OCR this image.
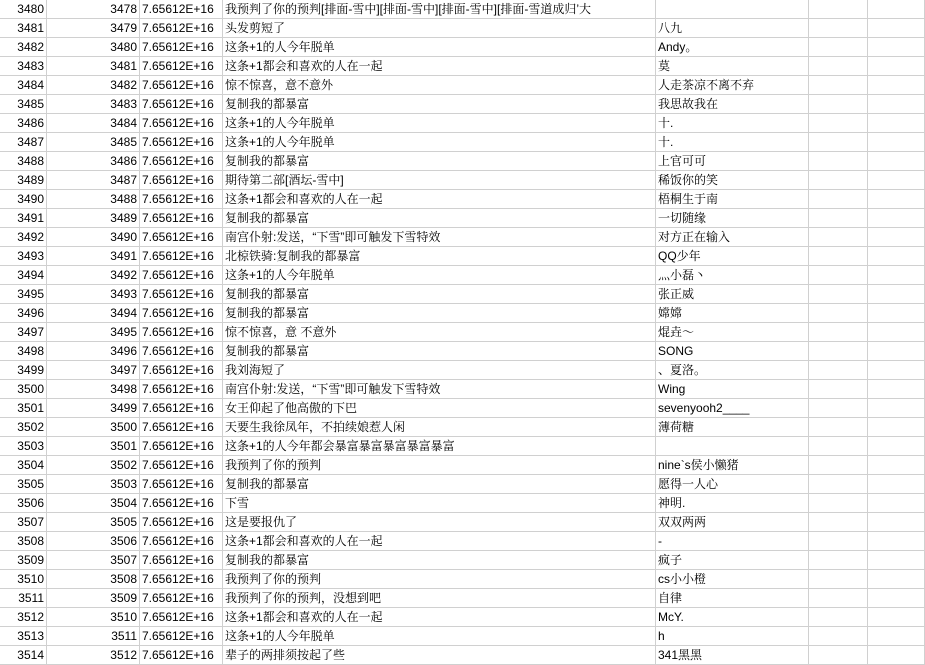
3480	3478	7.65612E+16	我预判了你的预判[排面-雪中][排面-雪中][排面-雪中][排面-雪道成归’大			

3481	3479	7.65612E+16	头发剪短了	八九		

3482	3480	7.65612E+16	这条+1的人今年脱单	Andy。		

3483	3481	7.65612E+16	这条+1都会和喜欢的人在一起	莫		

3484	3482	7.65612E+16	惊不惊喜，意不意外	人走茶凉不离不弃		

3485	3483	7.65612E+16	复制我的都暴富	我思故我在		

3486	3484	7.65612E+16	这条+1的人今年脱单	十.		

3487	3485	7.65612E+16	这条+1的人今年脱单	十.		

3488	3486	7.65612E+16	复制我的都暴富	上官可可		

3489	3487	7.65612E+16	期待第二部[酒坛-雪中]	稀饭你的笑		

3490	3488	7.65612E+16	这条+1都会和喜欢的人在一起	梧桐生于南		

3491	3489	7.65612E+16	复制我的都暴富	一切随缘		

3492	3490	7.65612E+16	南宫仆射:发送，“下雪”即可触发下雪特效	对方正在输入		

3493	3491	7.65612E+16	北椋铁骑:复制我的都暴富	QQ少年		

3494	3492	7.65612E+16	这条+1的人今年脱单	灬小磊丶		

3495	3493	7.65612E+16	复制我的都暴富	张正威		

3496	3494	7.65612E+16	复制我的都暴富	嫦嫦		

3497	3495	7.65612E+16	惊不惊喜，意 不意外	焜垚～		

3498	3496	7.65612E+16	复制我的都暴富	SONG		

3499	3497	7.65612E+16	我刘海短了	、夏洛。		

3500	3498	7.65612E+16	南宫仆射:发送，“下雪”即可触发下雪特效	Wing		

3501	3499	7.65612E+16	女王仰起了他高傲的下巴	sevenyooh2____		

3502	3500	7.65612E+16	天要生我徐凤年，不拍续娘惹人闲	薄荷糖		

3503	3501	7.65612E+16	这条+1的人今年都会暴富暴富暴富暴富暴富			

3504	3502	7.65612E+16	我预判了你的预判	nine`s侯小懒猪		

3505	3503	7.65612E+16	复制我的都暴富	愿得一人心		

3506	3504	7.65612E+16	下雪	神明.		

3507	3505	7.65612E+16	这是要报仇了	双双两两		

3508	3506	7.65612E+16	这条+1都会和喜欢的人在一起	-		

3509	3507	7.65612E+16	复制我的都暴富	疯子		

3510	3508	7.65612E+16	我预判了你的预判	cs小小橙		

3511	3509	7.65612E+16	我预判了你的预判，没想到吧	自律		

3512	3510	7.65612E+16	这条+1都会和喜欢的人在一起	McY.		

3513	3511	7.65612E+16	这条+1的人今年脱单	h		

3514	3512	7.65612E+16	辈子的两排须按起了些	341黑黑		
